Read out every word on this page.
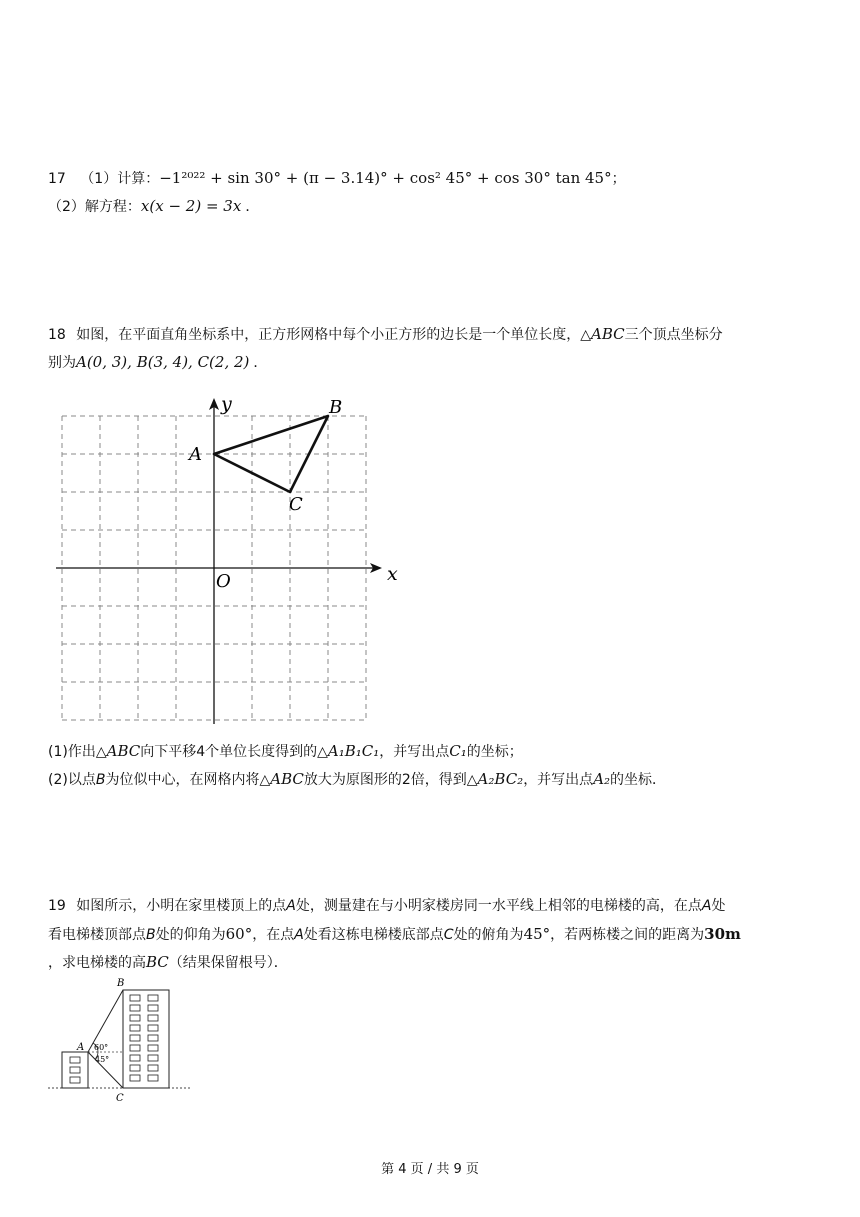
17 （1）计算：−1²⁰²² + sin 30° + (π − 3.14)° + cos² 45° + cos 30° tan 45°；
（2）解方程：x(x − 2) = 3x ．
18 如图，在平面直角坐标系中，正方形网格中每个小正方形的边长是一个单位长度，△ABC三个顶点坐标分
别为A(0, 3), B(3, 4), C(2, 2) ．
x
y
O
A
B
C
(1)作出△ABC向下平移4个单位长度得到的△A₁B₁C₁，并写出点C₁的坐标；
(2)以点B为位似中心，在网格内将△ABC放大为原图形的2倍，得到△A₂BC₂，并写出点A₂的坐标．
19 如图所示，小明在家里楼顶上的点A处，测量建在与小明家楼房同一水平线上相邻的电梯楼的高，在点A处
看电梯楼顶部点B处的仰角为60°，在点A处看这栋电梯楼底部点C处的俯角为45°，若两栋楼之间的距离为30m
，求电梯楼的高BC（结果保留根号）．
A
B
C
60°
45°
第 4 页 / 共 9 页
